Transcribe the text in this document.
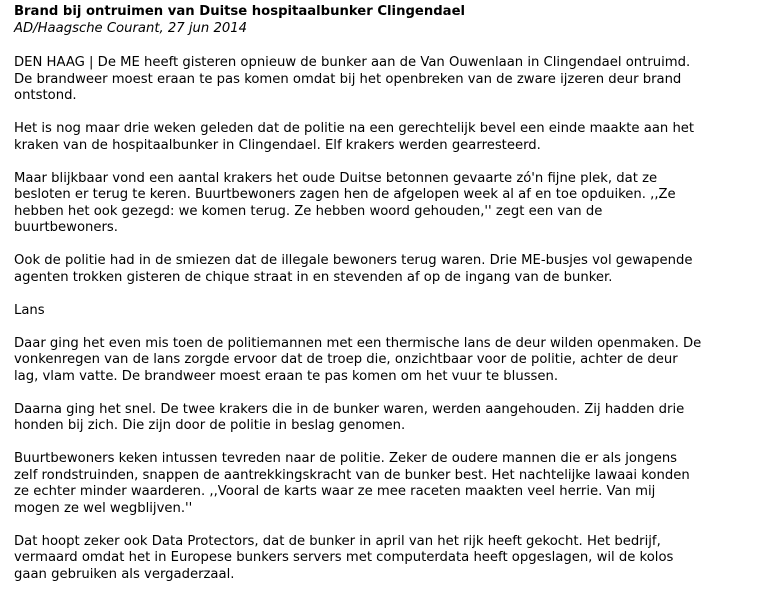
Brand bij ontruimen van Duitse hospitaalbunker Clingendael
AD/Haagsche Courant, 27 jun 2014

DEN HAAG | De ME heeft gisteren opnieuw de bunker aan de Van Ouwenlaan in Clingendael ontruimd.
De brandweer moest eraan te pas komen omdat bij het openbreken van de zware ijzeren deur brand
ontstond.

Het is nog maar drie weken geleden dat de politie na een gerechtelijk bevel een einde maakte aan het
kraken van de hospitaalbunker in Clingendael. Elf krakers werden gearresteerd.

Maar blijkbaar vond een aantal krakers het oude Duitse betonnen gevaarte zó'n fijne plek, dat ze
besloten er terug te keren. Buurtbewoners zagen hen de afgelopen week al af en toe opduiken. ,,Ze
hebben het ook gezegd: we komen terug. Ze hebben woord gehouden,'' zegt een van de
buurtbewoners.

Ook de politie had in de smiezen dat de illegale bewoners terug waren. Drie ME-busjes vol gewapende
agenten trokken gisteren de chique straat in en stevenden af op de ingang van de bunker.

Lans

Daar ging het even mis toen de politiemannen met een thermische lans de deur wilden openmaken. De
vonkenregen van de lans zorgde ervoor dat de troep die, onzichtbaar voor de politie, achter de deur
lag, vlam vatte. De brandweer moest eraan te pas komen om het vuur te blussen.

Daarna ging het snel. De twee krakers die in de bunker waren, werden aangehouden. Zij hadden drie
honden bij zich. Die zijn door de politie in beslag genomen.

Buurtbewoners keken intussen tevreden naar de politie. Zeker de oudere mannen die er als jongens
zelf rondstruinden, snappen de aantrekkingskracht van de bunker best. Het nachtelijke lawaai konden
ze echter minder waarderen. ,,Vooral de karts waar ze mee raceten maakten veel herrie. Van mij
mogen ze wel wegblijven.''

Dat hoopt zeker ook Data Protectors, dat de bunker in april van het rijk heeft gekocht. Het bedrijf,
vermaard omdat het in Europese bunkers servers met computerdata heeft opgeslagen, wil de kolos
gaan gebruiken als vergaderzaal.
